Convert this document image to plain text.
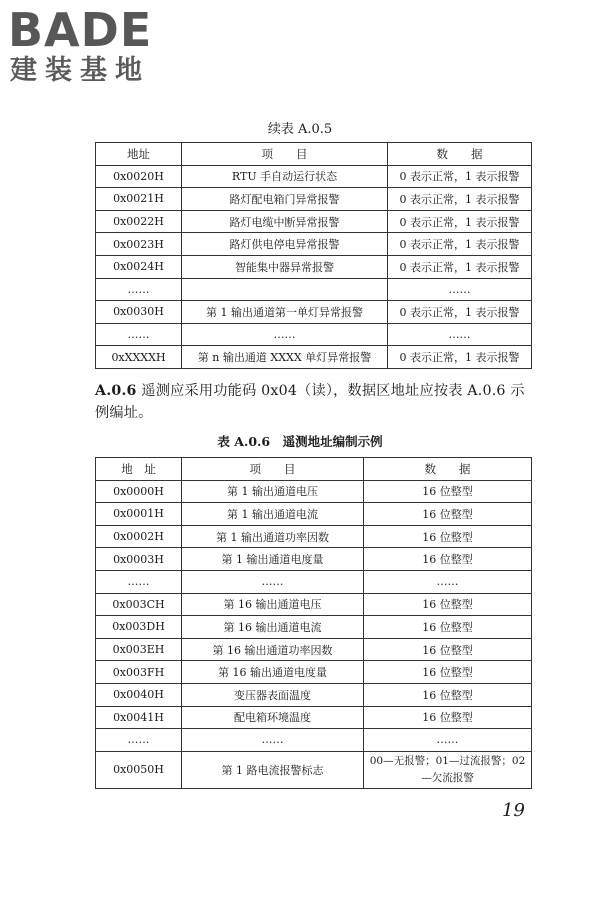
BADE
建装基地
续表 A.0.5
地址	项　　目	数　　据
0x0020H	RTU 手自动运行状态	0 表示正常，1 表示报警
0x0021H	路灯配电箱门异常报警	0 表示正常，1 表示报警
0x0022H	路灯电缆中断异常报警	0 表示正常，1 表示报警
0x0023H	路灯供电停电异常报警	0 表示正常，1 表示报警
0x0024H	智能集中器异常报警	0 表示正常，1 表示报警
……		……
0x0030H	第 1 输出通道第一单灯异常报警	0 表示正常，1 表示报警
……	……	……
0xXXXXH	第 n 输出通道 XXXX 单灯异常报警	0 表示正常，1 表示报警
A.0.6 遥测应采用功能码 0x04（读），数据区地址应按表 A.0.6 示例编址。
表 A.0.6　遥测地址编制示例
地　址	项　　目	数　　据
0x0000H	第 1 输出通道电压	16 位整型
0x0001H	第 1 输出通道电流	16 位整型
0x0002H	第 1 输出通道功率因数	16 位整型
0x0003H	第 1 输出通道电度量	16 位整型
……	……	……
0x003CH	第 16 输出通道电压	16 位整型
0x003DH	第 16 输出通道电流	16 位整型
0x003EH	第 16 输出通道功率因数	16 位整型
0x003FH	第 16 输出通道电度量	16 位整型
0x0040H	变压器表面温度	16 位整型
0x0041H	配电箱环境温度	16 位整型
……	……	……
0x0050H	第 1 路电流报警标志	00—无报警；01—过流报警；02—欠流报警
19
